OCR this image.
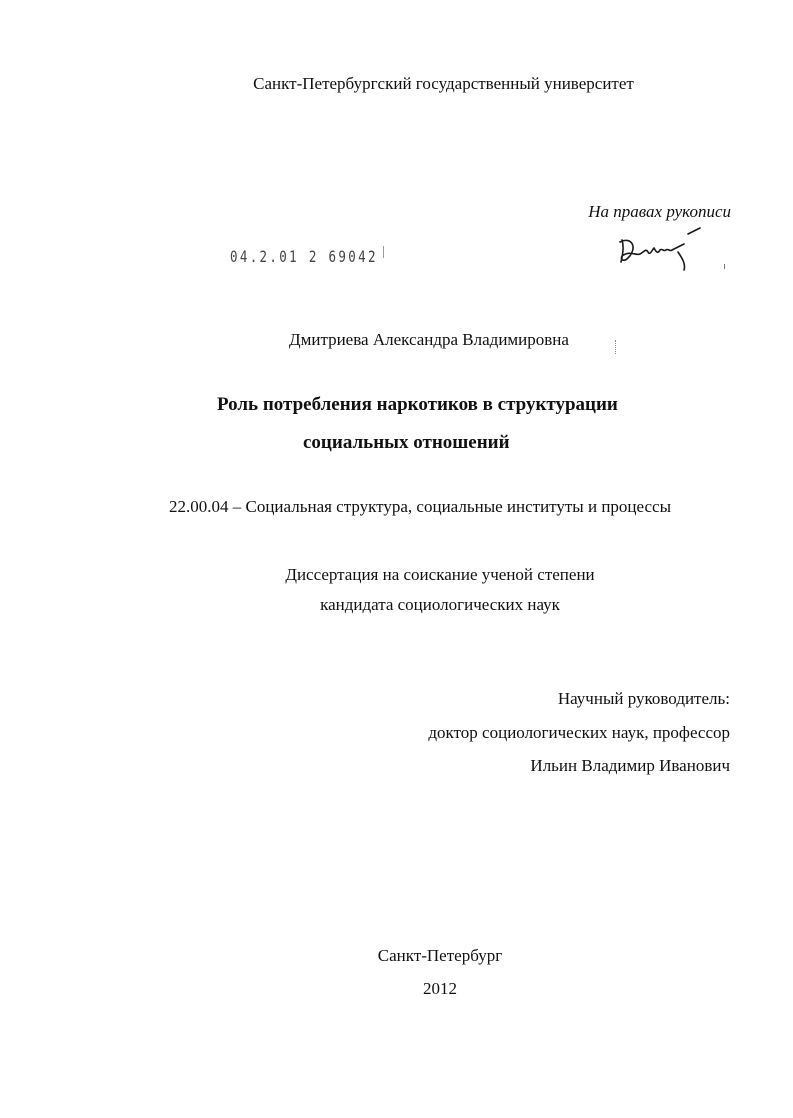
Санкт-Петербургский государственный университет
На правах рукописи
04.2.01 2 69042
Дмитриева Александра Владимировна
Роль потребления наркотиков в структурации
социальных отношений
22.00.04 – Социальная структура, социальные институты и процессы
Диссертация на соискание ученой степени
кандидата социологических наук
Научный руководитель:
доктор социологических наук, профессор
Ильин Владимир Иванович
Санкт-Петербург
2012
